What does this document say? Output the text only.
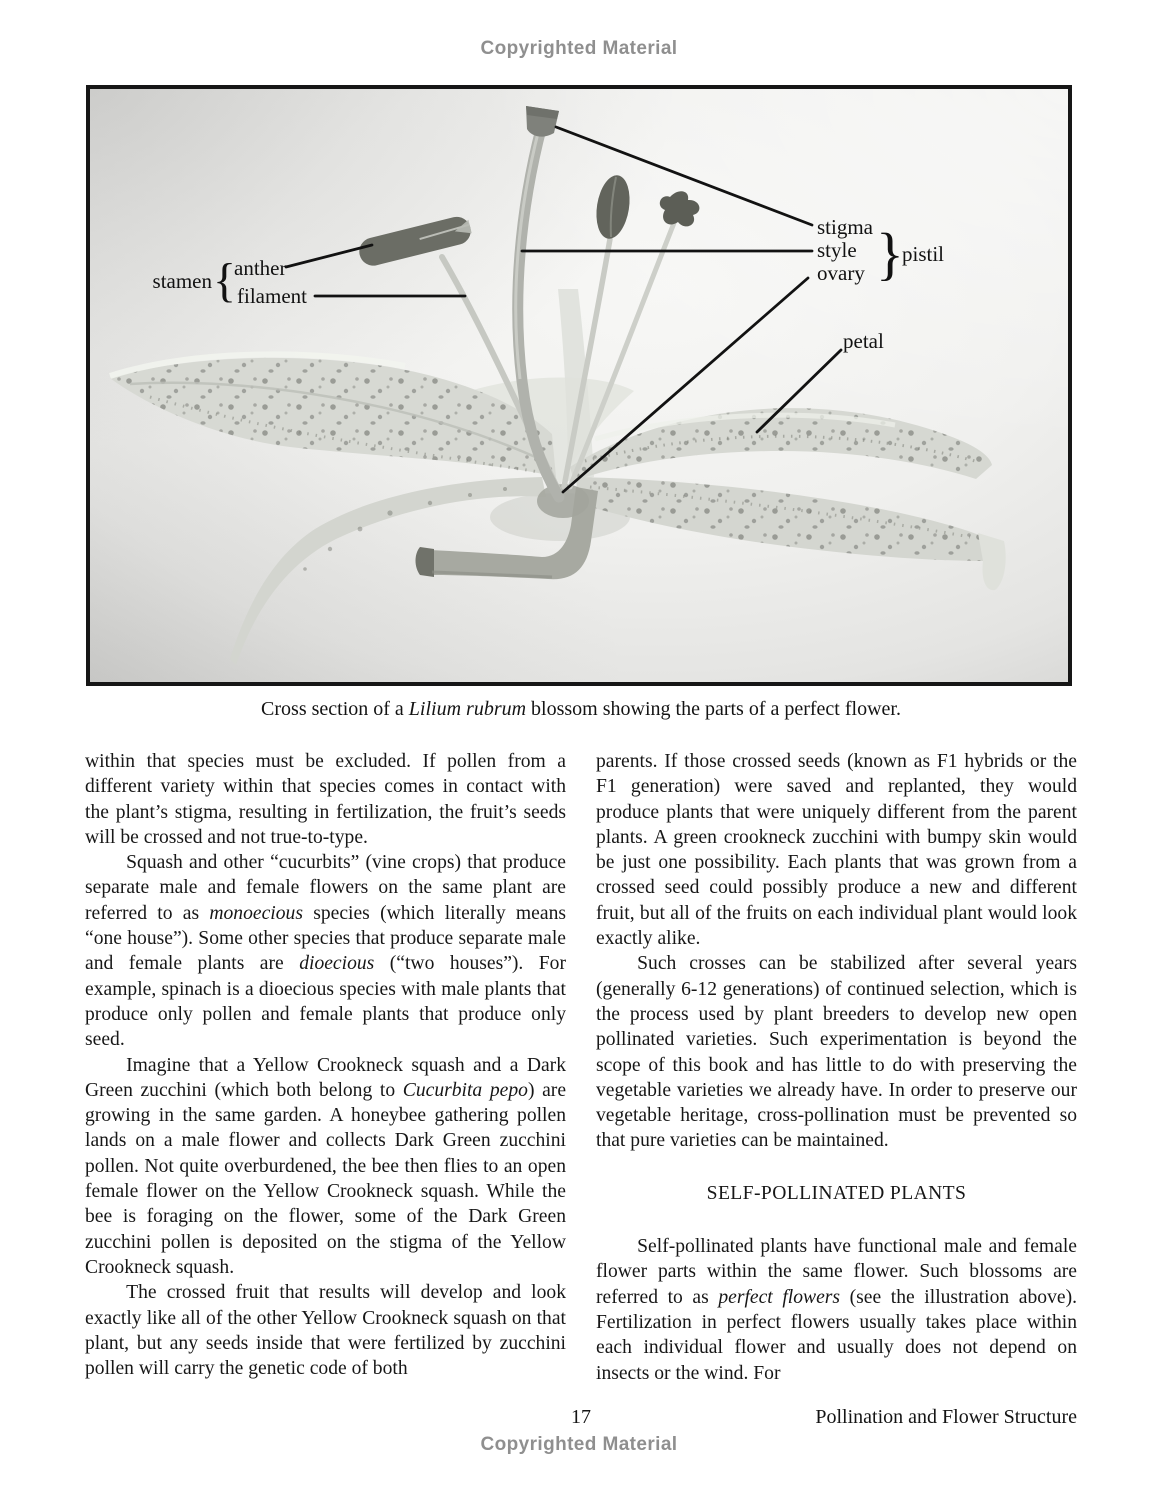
Copyrighted Material
stamen {
anther
filament
stigma
style
ovary }
pistil
petal
Cross section of a Lilium rubrum blossom showing the parts of a perfect flower.

within that species must be excluded. If pollen from a different variety within that species comes in contact with the plant’s stigma, resulting in fertilization, the fruit’s seeds will be crossed and not true-to-type.

Squash and other “cucurbits” (vine crops) that produce separate male and female flowers on the same plant are referred to as monoecious species (which literally means “one house”). Some other species that produce separate male and female plants are dioecious (“two houses”). For example, spinach is a dioecious species with male plants that produce only pollen and female plants that produce only seed.

Imagine that a Yellow Crookneck squash and a Dark Green zucchini (which both belong to Cucurbita pepo) are growing in the same garden. A honeybee gathering pollen lands on a male flower and collects Dark Green zucchini pollen. Not quite overburdened, the bee then flies to an open female flower on the Yellow Crookneck squash. While the bee is foraging on the flower, some of the Dark Green zucchini pollen is deposited on the stigma of the Yellow Crookneck squash.

The crossed fruit that results will develop and look exactly like all of the other Yellow Crookneck squash on that plant, but any seeds inside that were fertilized by zucchini pollen will carry the genetic code of both

parents. If those crossed seeds (known as F1 hybrids or the F1 generation) were saved and replanted, they would produce plants that were uniquely different from the parent plants. A green crookneck zucchini with bumpy skin would be just one possibility. Each plants that was grown from a crossed seed could possibly produce a new and different fruit, but all of the fruits on each individual plant would look exactly alike.

Such crosses can be stabilized after several years (generally 6-12 generations) of continued selection, which is the process used by plant breeders to develop new open pollinated varieties. Such experimentation is beyond the scope of this book and has little to do with preserving the vegetable varieties we already have. In order to preserve our vegetable heritage, cross-pollination must be prevented so that pure varieties can be maintained.

SELF-POLLINATED PLANTS

Self-pollinated plants have functional male and female flower parts within the same flower. Such blossoms are referred to as perfect flowers (see the illustration above). Fertilization in perfect flowers usually takes place within each individual flower and usually does not depend on insects or the wind. For

17	Pollination and Flower Structure
Copyrighted Material
